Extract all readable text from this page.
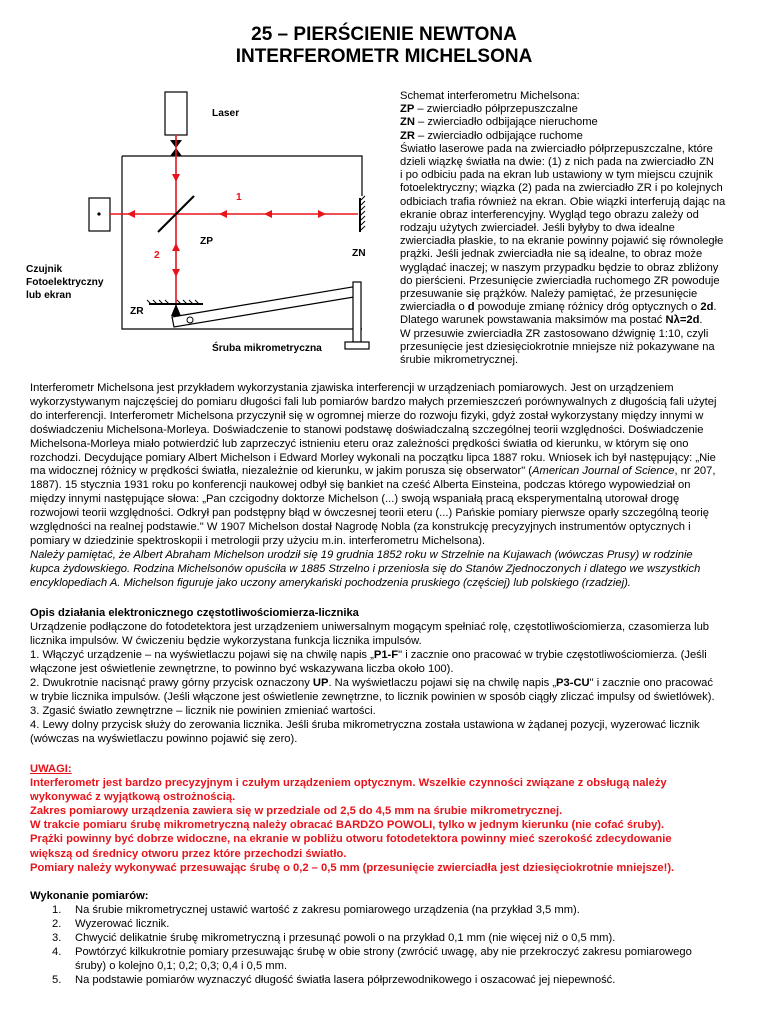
25 – PIERŚCIENIE NEWTONA
INTERFEROMETR MICHELSONA
Laser
Czujnik
Fotoelektryczny
lub ekran
ZP
ZN
ZR
Śruba mikrometryczna
1
2
Schemat interferometru Michelsona:
ZP – zwierciadło półprzepuszczalne
ZN – zwierciadło odbijające nieruchome
ZR – zwierciadło odbijające ruchome
Światło laserowe pada na zwierciadło półprzepuszczalne, które
dzieli wiązkę światła na dwie: (1) z nich pada na zwierciadło ZN
i po odbiciu pada na ekran lub ustawiony w tym miejscu czujnik
fotoelektryczny; wiązka (2) pada na zwierciadło ZR i po kolejnych
odbiciach trafia również na ekran. Obie wiązki interferują dając na
ekranie obraz interferencyjny. Wygląd tego obrazu zależy od
rodzaju użytych zwierciadeł. Jeśli byłyby to dwa idealne
zwierciadła płaskie, to na ekranie powinny pojawić się równoległe
prążki. Jeśli jednak zwierciadła nie są idealne, to obraz może
wyglądać inaczej; w naszym przypadku będzie to obraz zbliżony
do pierścieni. Przesunięcie zwierciadła ruchomego ZR powoduje
przesuwanie się prążków. Należy pamiętać, że przesunięcie
zwierciadła o d powoduje zmianę różnicy dróg optycznych o 2d.
Dlatego warunek powstawania maksimów ma postać Nλ=2d.
W przesuwie zwierciadła ZR zastosowano dźwignię 1:10, czyli
przesunięcie jest dziesięciokrotnie mniejsze niż pokazywane na
śrubie mikrometrycznej.
Interferometr Michelsona jest przykładem wykorzystania zjawiska interferencji w urządzeniach pomiarowych. Jest on urządzeniem
wykorzystywanym najczęściej do pomiaru długości fali lub pomiarów bardzo małych przemieszczeń porównywalnych z długością fali użytej
do interferencji. Interferometr Michelsona przyczynił się w ogromnej mierze do rozwoju fizyki, gdyż został wykorzystany między innymi w
doświadczeniu Michelsona-Morleya. Doświadczenie to stanowi podstawę doświadczalną szczególnej teorii względności. Doświadczenie
Michelsona-Morleya miało potwierdzić lub zaprzeczyć istnieniu eteru oraz zależności prędkości światła od kierunku, w którym się ono
rozchodzi. Decydujące pomiary Albert Michelson i Edward Morley wykonali na początku lipca 1887 roku. Wniosek ich był następujący: „Nie
ma widocznej różnicy w prędkości światła, niezależnie od kierunku, w jakim porusza się obserwator" (American Journal of Science, nr 207,
1887). 15 stycznia 1931 roku po konferencji naukowej odbył się bankiet na cześć Alberta Einsteina, podczas którego wypowiedział on
między innymi następujące słowa: „Pan czcigodny doktorze Michelson (...) swoją wspaniałą pracą eksperymentalną utorował drogę
rozwojowi teorii względności. Odkrył pan podstępny błąd w ówczesnej teorii eteru (...) Pańskie pomiary pierwsze oparły szczególną teorię
względności na realnej podstawie." W 1907 Michelson dostał Nagrodę Nobla (za konstrukcję precyzyjnych instrumentów optycznych i
pomiary w dziedzinie spektroskopii i metrologii przy użyciu m.in. interferometru Michelsona).
Należy pamiętać, że Albert Abraham Michelson urodził się 19 grudnia 1852 roku w Strzelnie na Kujawach (wówczas Prusy) w rodzinie
kupca żydowskiego. Rodzina Michelsonów opuściła w 1885 Strzelno i przeniosła się do Stanów Zjednoczonych i dlatego we wszystkich
encyklopediach A. Michelson figuruje jako uczony amerykański pochodzenia pruskiego (częściej) lub polskiego (rzadziej).
Opis działania elektronicznego częstotliwościomierza-licznika
Urządzenie podłączone do fotodetektora jest urządzeniem uniwersalnym mogącym spełniać rolę, częstotliwościomierza, czasomierza lub
licznika impulsów. W ćwiczeniu będzie wykorzystana funkcja licznika impulsów.
1. Włączyć urządzenie – na wyświetlaczu pojawi się na chwilę napis „P1-F" i zacznie ono pracować w trybie częstotliwościomierza. (Jeśli
włączone jest oświetlenie zewnętrzne, to powinno być wskazywana liczba około 100).
2. Dwukrotnie nacisnąć prawy górny przycisk oznaczony UP. Na wyświetlaczu pojawi się na chwilę napis „P3-CU" i zacznie ono pracować
w trybie licznika impulsów. (Jeśli włączone jest oświetlenie zewnętrzne, to licznik powinien w sposób ciągły zliczać impulsy od świetlówek).
3. Zgasić światło zewnętrzne – licznik nie powinien zmieniać wartości.
4. Lewy dolny przycisk służy do zerowania licznika. Jeśli śruba mikrometryczna została ustawiona w żądanej pozycji, wyzerować licznik
(wówczas na wyświetlaczu powinno pojawić się zero).
UWAGI:
Interferometr jest bardzo precyzyjnym i czułym urządzeniem optycznym. Wszelkie czynności związane z obsługą należy
wykonywać z wyjątkową ostrożnością.
Zakres pomiarowy urządzenia zawiera się w przedziale od 2,5 do 4,5 mm na śrubie mikrometrycznej.
W trakcie pomiaru śrubę mikrometryczną należy obracać BARDZO POWOLI, tylko w jednym kierunku (nie cofać śruby).
Prążki powinny być dobrze widoczne, na ekranie w pobliżu otworu fotodetektora powinny mieć szerokość zdecydowanie
większą od średnicy otworu przez które przechodzi światło.
Pomiary należy wykonywać przesuwając śrubę o 0,2 – 0,5 mm (przesunięcie zwierciadła jest dziesięciokrotnie mniejsze!).
Wykonanie pomiarów:
1. Na śrubie mikrometrycznej ustawić wartość z zakresu pomiarowego urządzenia (na przykład 3,5 mm).
2. Wyzerować licznik.
3. Chwycić delikatnie śrubę mikrometryczną i przesunąć powoli o na przykład 0,1 mm (nie więcej niż o 0,5 mm).
4. Powtórzyć kilkukrotnie pomiary przesuwając śrubę w obie strony (zwrócić uwagę, aby nie przekroczyć zakresu pomiarowego
śruby) o kolejno 0,1; 0,2; 0,3; 0,4 i 0,5 mm.
5. Na podstawie pomiarów wyznaczyć długość światła lasera półprzewodnikowego i oszacować jej niepewność.
